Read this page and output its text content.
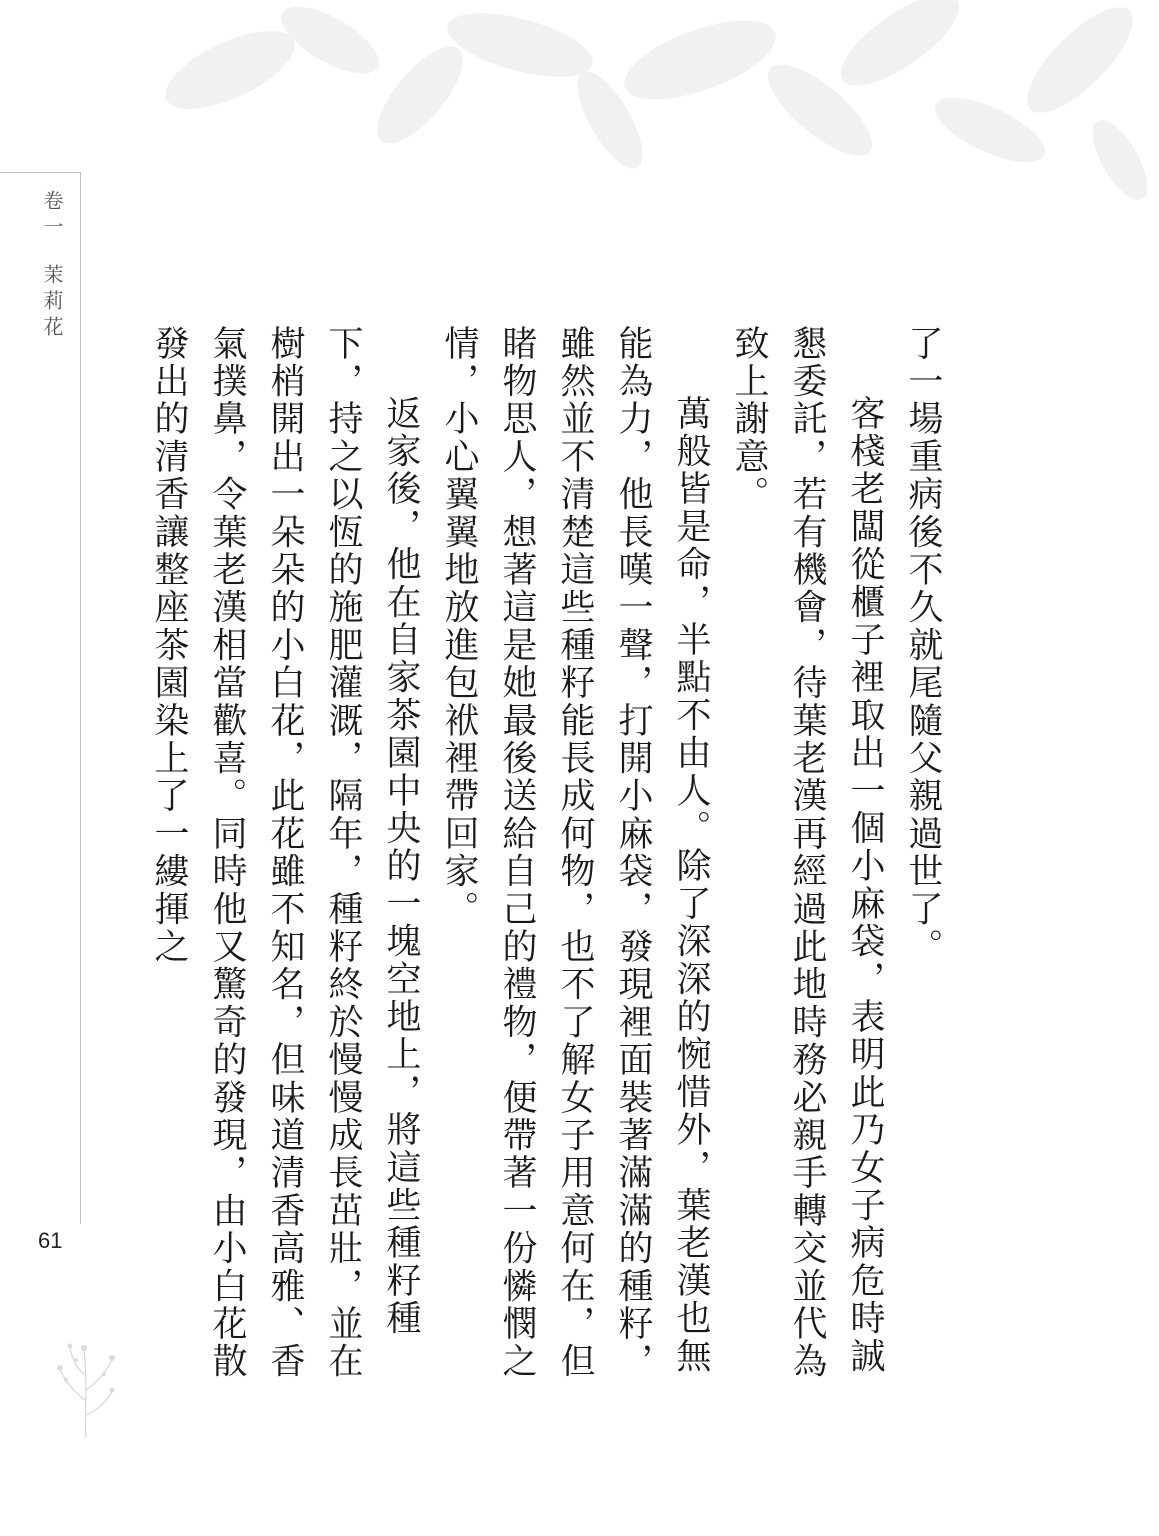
卷一茉莉花
61

了一場重病後不久就尾隨父親過世了。

客棧老闆從櫃子裡取出一個小麻袋，表明此乃女子病危時誠懇委託，若有機會，待葉老漢再經過此地時務必親手轉交並代為致上謝意。

萬般皆是命，半點不由人。除了深深的惋惜外，葉老漢也無能為力，他長嘆一聲，打開小麻袋，發現裡面裝著滿滿的種籽，雖然並不清楚這些種籽能長成何物，也不了解女子用意何在，但睹物思人，想著這是她最後送給自己的禮物，便帶著一份憐憫之情，小心翼翼地放進包袱裡帶回家。

返家後，他在自家茶園中央的一塊空地上，將這些種籽種下，持之以恆的施肥灌溉，隔年，種籽終於慢慢成長茁壯，並在樹梢開出一朵朵的小白花，此花雖不知名，但味道清香高雅、香氣撲鼻，令葉老漢相當歡喜。同時他又驚奇的發現，由小白花散發出的清香讓整座茶園染上了一縷揮之
